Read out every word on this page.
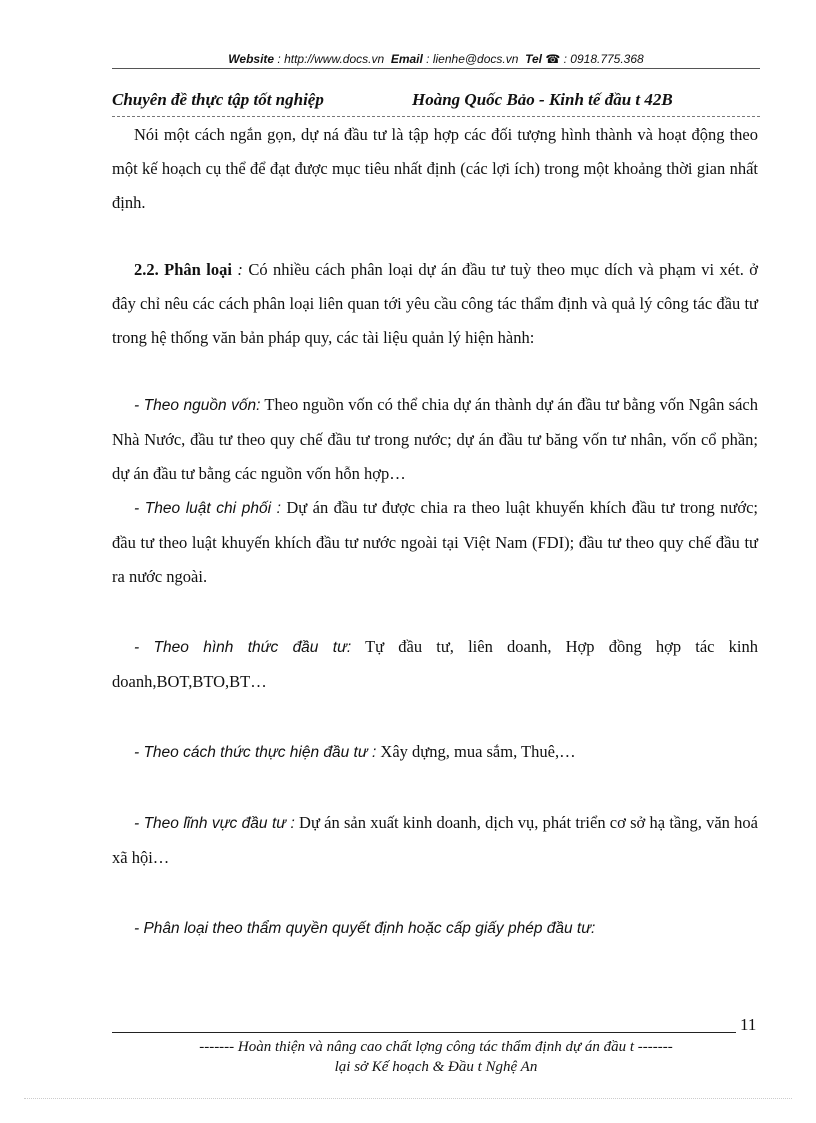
Website : http://www.docs.vn Email : lienhe@docs.vn Tel ☎ : 0918.775.368
Chuyên đề thực tập tốt nghiệp	Hoàng Quốc Bảo - Kinh tế đầu t 42B

Nói một cách ngắn gọn, dự ná đầu tư là tập hợp các đối tượng hình thành và hoạt động theo một kế hoạch cụ thể để đạt được mục tiêu nhất định (các lợi ích) trong một khoảng thời gian nhất định.

2.2. Phân loại : Có nhiều cách phân loại dự án đầu tư tuỳ theo mục dích và phạm vi xét. ở đây chỉ nêu các cách phân loại liên quan tới yêu cầu công tác thẩm định và quả lý công tác đầu tư trong hệ thống văn bản pháp quy, các tài liệu quản lý hiện hành:

- Theo nguồn vốn: Theo nguồn vốn có thể chia dự án thành dự án đầu tư bằng vốn Ngân sách Nhà Nước, đầu tư theo quy chế đầu tư trong nước; dự án đầu tư băng vốn tư nhân, vốn cổ phần; dự án đầu tư bằng các nguồn vốn hỗn hợp…

- Theo luật chi phối : Dự án đầu tư được chia ra theo luật khuyến khích đầu tư trong nước; đầu tư theo luật khuyến khích đầu tư nước ngoài tại Việt Nam (FDI); đầu tư theo quy chế đầu tư ra nước ngoài.

- Theo hình thức đầu tư: Tự đầu tư, liên doanh, Hợp đồng hợp tác kinh doanh,BOT,BTO,BT…

- Theo cách thức thực hiện đầu tư : Xây dựng, mua sắm, Thuê,…

- Theo lĩnh vực đầu tư : Dự án sản xuất kinh doanh, dịch vụ, phát triển cơ sở hạ tầng, văn hoá xã hội…

- Phân loại theo thẩm quyền quyết định hoặc cấp giấy phép đầu tư:

11
------- Hoàn thiện và nâng cao chất lợng công tác thẩm định dự án đầu t -------
lại sở Kế hoạch & Đầu t Nghệ An
